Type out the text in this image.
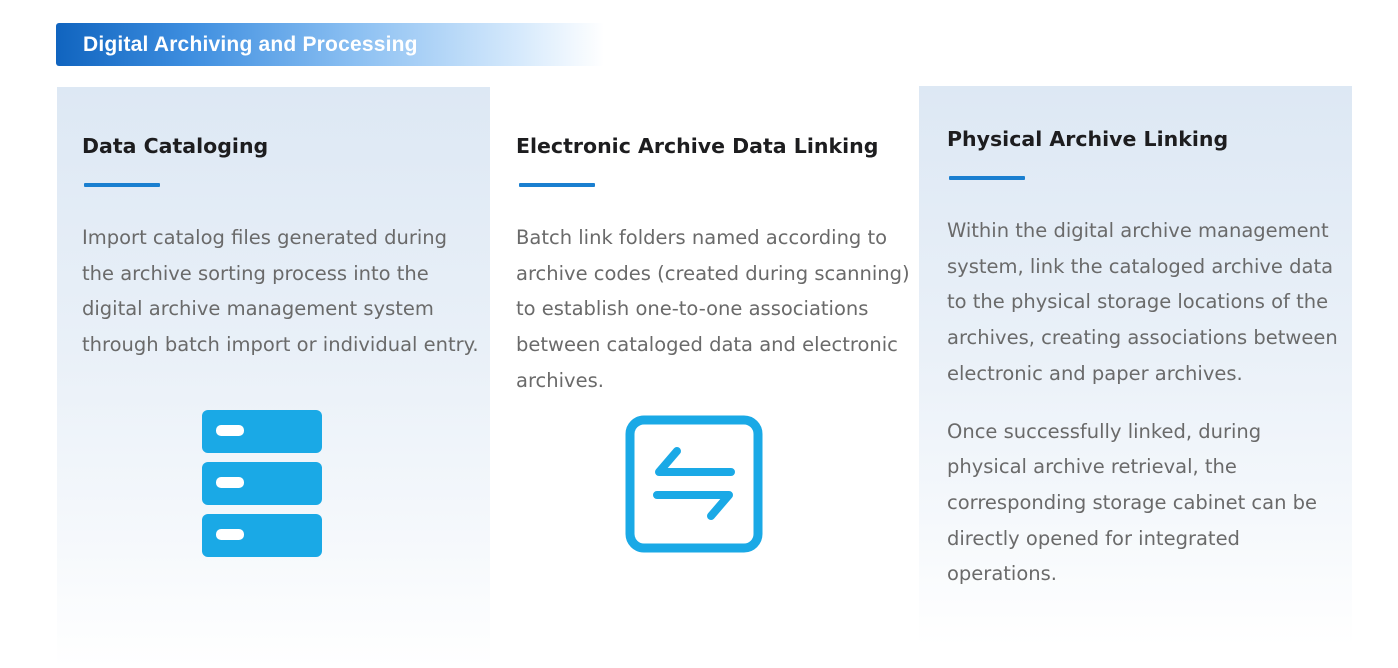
Digital Archiving and Processing
Data Cataloging

Import catalog files generated during the archive sorting process into the digital archive management system through batch import or individual entry.

Electronic Archive Data Linking

Batch link folders named according to archive codes (created during scanning) to establish one-to-one associations between cataloged data and electronic archives.

Physical Archive Linking

Within the digital archive management system, link the cataloged archive data to the physical storage locations of the archives, creating associations between electronic and paper archives.

Once successfully linked, during physical archive retrieval, the corresponding storage cabinet can be directly opened for integrated operations.
